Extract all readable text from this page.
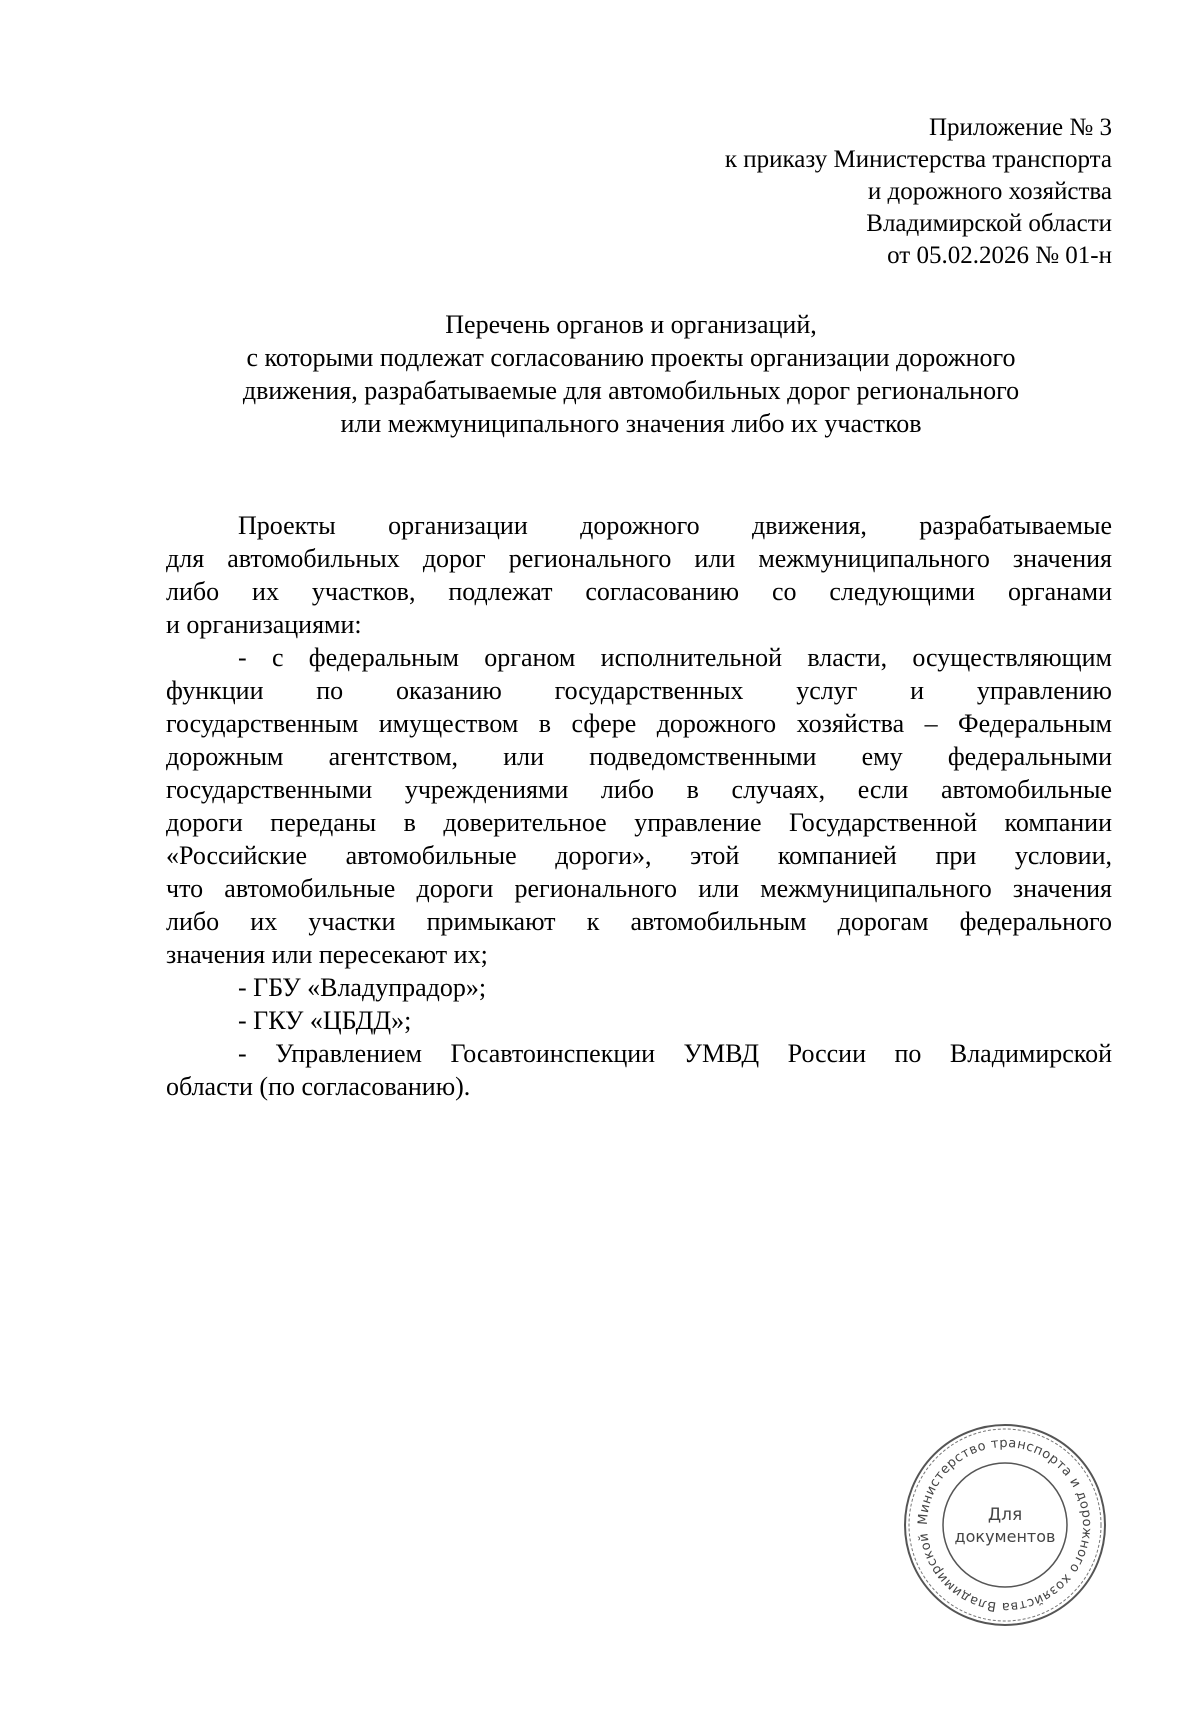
Приложение № 3
к приказу Министерства транспорта
и дорожного хозяйства
Владимирской области
от 05.02.2026 № 01-н
Перечень органов и организаций,
с которыми подлежат согласованию проекты организации дорожного
движения, разрабатываемые для автомобильных дорог регионального
или межмуниципального значения либо их участков
Проекты организации дорожного движения, разрабатываемые
для автомобильных дорог регионального или межмуниципального значения
либо их участков, подлежат согласованию со следующими органами
и организациями:
- с федеральным органом исполнительной власти, осуществляющим
функции по оказанию государственных услуг и управлению
государственным имуществом в сфере дорожного хозяйства – Федеральным
дорожным агентством, или подведомственными ему федеральными
государственными учреждениями либо в случаях, если автомобильные
дороги переданы в доверительное управление Государственной компании
«Российские автомобильные дороги», этой компанией при условии,
что автомобильные дороги регионального или межмуниципального значения
либо их участки примыкают к автомобильным дорогам федерального
значения или пересекают их;
- ГБУ «Владупрадор»;
- ГКУ «ЦБДД»;
- Управлением Госавтоинспекции УМВД России по Владимирской
области (по согласованию).
Министерство транспорта и дорожного хозяйства Владимирской
Для
документов
